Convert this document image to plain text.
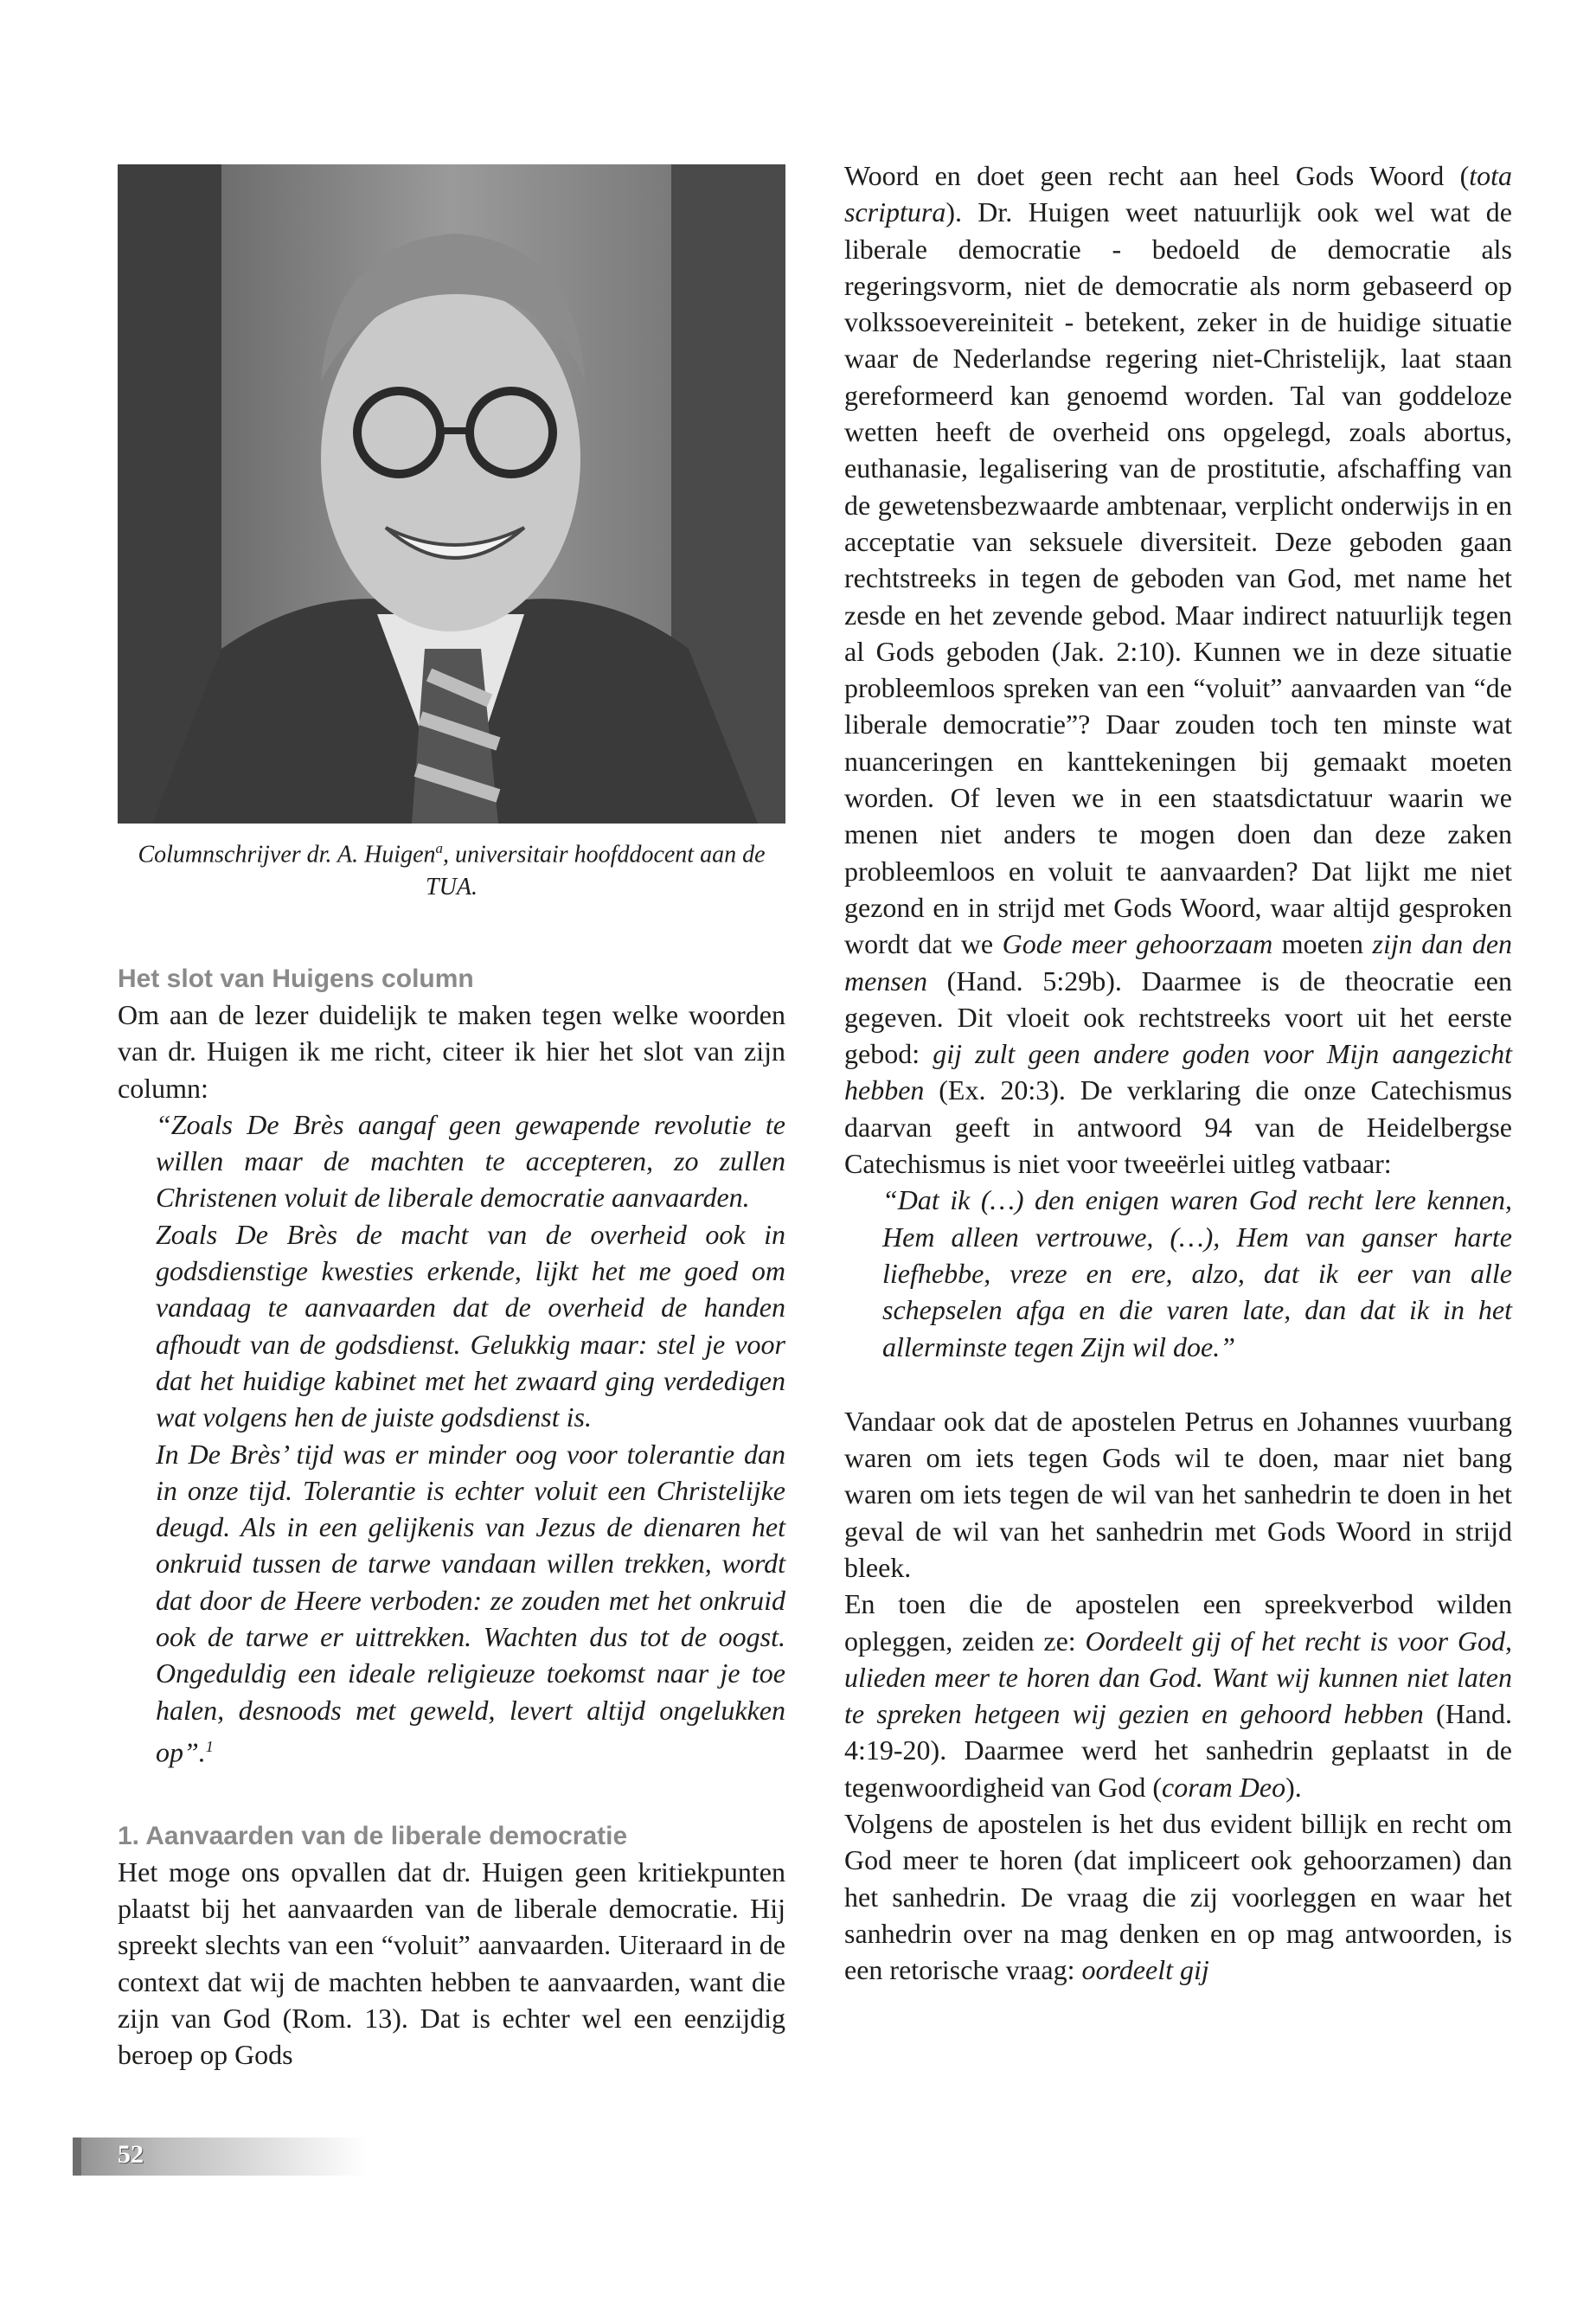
Columnschrijver dr. A. Huigen$^a$, universitair hoofddocent aan de TUA.
Het slot van Huigens column

Om aan de lezer duidelijk te maken tegen welke woorden van dr. Huigen ik me richt, citeer ik hier het slot van zijn column:

“Zoals De Brès aangaf geen gewapende revolutie te willen maar de machten te accepteren, zo zullen Christenen voluit de liberale democratie aanvaarden.

Zoals De Brès de macht van de overheid ook in godsdienstige kwesties erkende, lijkt het me goed om vandaag te aanvaarden dat de overheid de handen afhoudt van de godsdienst. Gelukkig maar: stel je voor dat het huidige kabinet met het zwaard ging verdedigen wat volgens hen de juiste godsdienst is.

In De Brès’ tijd was er minder oog voor tolerantie dan in onze tijd. Tolerantie is echter voluit een Christelijke deugd. Als in een gelijkenis van Jezus de dienaren het onkruid tussen de tarwe vandaan willen trekken, wordt dat door de Heere verboden: ze zouden met het onkruid ook de tarwe er uittrekken. Wachten dus tot de oogst. Ongeduldig een ideale religieuze toekomst naar je toe halen, desnoods met geweld, levert altijd ongelukken op”.$^1$

1. Aanvaarden van de liberale democratie

Het moge ons opvallen dat dr. Huigen geen kritiekpunten plaatst bij het aanvaarden van de liberale democratie. Hij spreekt slechts van een “voluit” aanvaarden. Uiteraard in de context dat wij de machten hebben te aanvaarden, want die zijn van God (Rom. 13). Dat is echter wel een eenzijdig beroep op Gods

Woord en doet geen recht aan heel Gods Woord (tota scriptura). Dr. Huigen weet natuurlijk ook wel wat de liberale democratie - bedoeld de democratie als regeringsvorm, niet de democratie als norm gebaseerd op volkssoevereiniteit - betekent, zeker in de huidige situatie waar de Nederlandse regering niet-Christelijk, laat staan gereformeerd kan genoemd worden. Tal van goddeloze wetten heeft de overheid ons opgelegd, zoals abortus, euthanasie, legalisering van de prostitutie, afschaffing van de gewetensbezwaarde ambtenaar, verplicht onderwijs in en acceptatie van seksuele diversiteit. Deze geboden gaan rechtstreeks in tegen de geboden van God, met name het zesde en het zevende gebod. Maar indirect natuurlijk tegen al Gods geboden (Jak. 2:10). Kunnen we in deze situatie probleemloos spreken van een “voluit” aanvaarden van “de liberale democratie”? Daar zouden toch ten minste wat nuanceringen en kanttekeningen bij gemaakt moeten worden. Of leven we in een staatsdictatuur waarin we menen niet anders te mogen doen dan deze zaken probleemloos en voluit te aanvaarden? Dat lijkt me niet gezond en in strijd met Gods Woord, waar altijd gesproken wordt dat we Gode meer gehoorzaam moeten zijn dan den mensen (Hand. 5:29b). Daarmee is de theocratie een gegeven. Dit vloeit ook rechtstreeks voort uit het eerste gebod: gij zult geen andere goden voor Mijn aangezicht hebben (Ex. 20:3). De verklaring die onze Catechismus daarvan geeft in antwoord 94 van de Heidelbergse Catechismus is niet voor tweeërlei uitleg vatbaar:

“Dat ik (…) den enigen waren God recht lere kennen, Hem alleen vertrouwe, (…), Hem van ganser harte liefhebbe, vreze en ere, alzo, dat ik eer van alle schepselen afga en die varen late, dan dat ik in het allerminste tegen Zijn wil doe.”

Vandaar ook dat de apostelen Petrus en Johannes vuurbang waren om iets tegen Gods wil te doen, maar niet bang waren om iets tegen de wil van het sanhedrin te doen in het geval de wil van het sanhedrin met Gods Woord in strijd bleek.

En toen die de apostelen een spreekverbod wilden opleggen, zeiden ze: Oordeelt gij of het recht is voor God, ulieden meer te horen dan God. Want wij kunnen niet laten te spreken hetgeen wij gezien en gehoord hebben (Hand. 4:19-20). Daarmee werd het sanhedrin geplaatst in de tegenwoordigheid van God (coram Deo).

Volgens de apostelen is het dus evident billijk en recht om God meer te horen (dat impliceert ook gehoorzamen) dan het sanhedrin. De vraag die zij voorleggen en waar het sanhedrin over na mag denken en op mag antwoorden, is een retorische vraag: oordeelt gij

52
